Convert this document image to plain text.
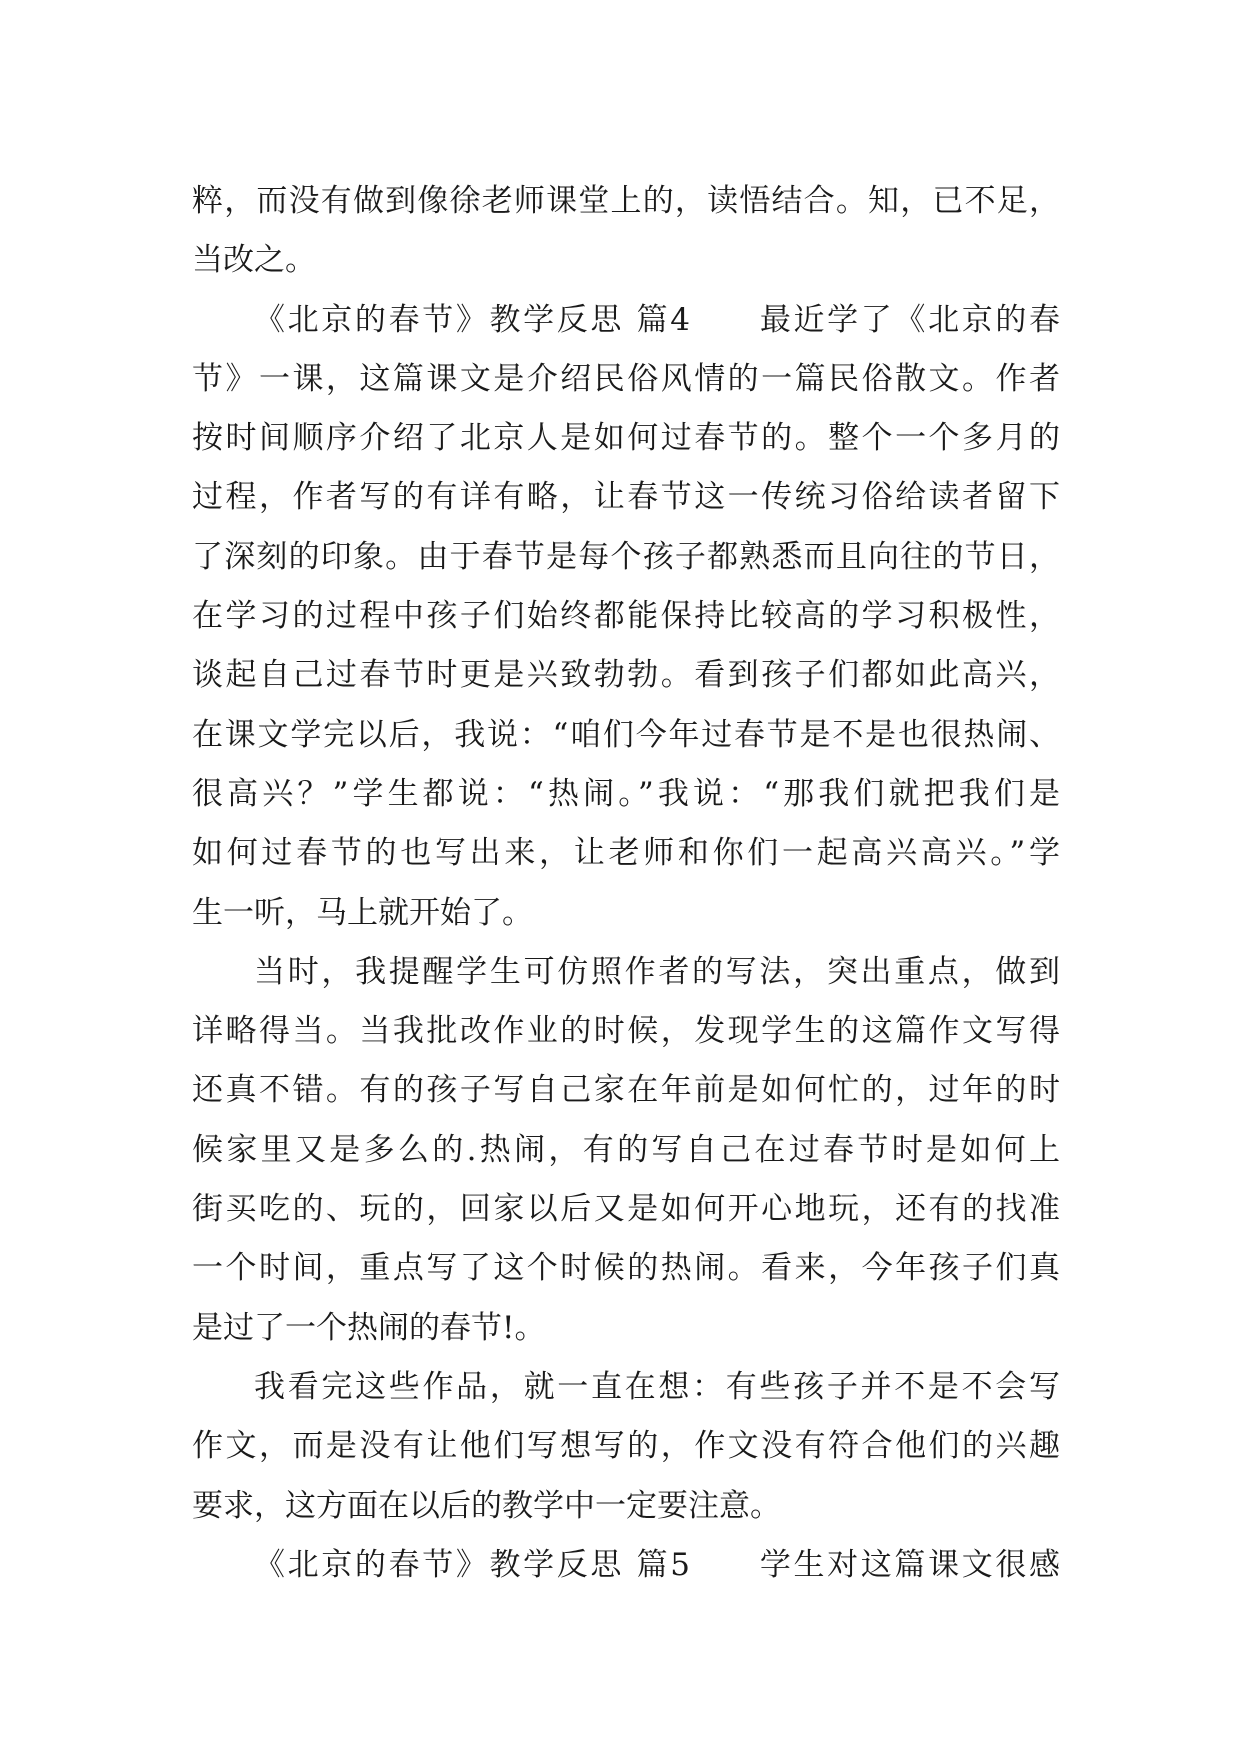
粹，而没有做到像徐老师课堂上的，读悟结合。知，已不足，
当改之。
《北京的春节》教学反思 篇4　　最近学了《北京的春
节》一课，这篇课文是介绍民俗风情的一篇民俗散文。作者
按时间顺序介绍了北京人是如何过春节的。整个一个多月的
过程，作者写的有详有略，让春节这一传统习俗给读者留下
了深刻的印象。由于春节是每个孩子都熟悉而且向往的节日，
在学习的过程中孩子们始终都能保持比较高的学习积极性，
谈起自己过春节时更是兴致勃勃。看到孩子们都如此高兴，
在课文学完以后，我说：“咱们今年过春节是不是也很热闹、
很高兴？”学生都说：“热闹。”我说：“那我们就把我们是
如何过春节的也写出来，让老师和你们一起高兴高兴。”学
生一听，马上就开始了。
当时，我提醒学生可仿照作者的写法，突出重点，做到
详略得当。当我批改作业的时候，发现学生的这篇作文写得
还真不错。有的孩子写自己家在年前是如何忙的，过年的时
候家里又是多么的.热闹，有的写自己在过春节时是如何上
街买吃的、玩的，回家以后又是如何开心地玩，还有的找准
一个时间，重点写了这个时候的热闹。看来，今年孩子们真
是过了一个热闹的春节!。
我看完这些作品，就一直在想：有些孩子并不是不会写
作文，而是没有让他们写想写的，作文没有符合他们的兴趣
要求，这方面在以后的教学中一定要注意。
《北京的春节》教学反思 篇5　　学生对这篇课文很感
